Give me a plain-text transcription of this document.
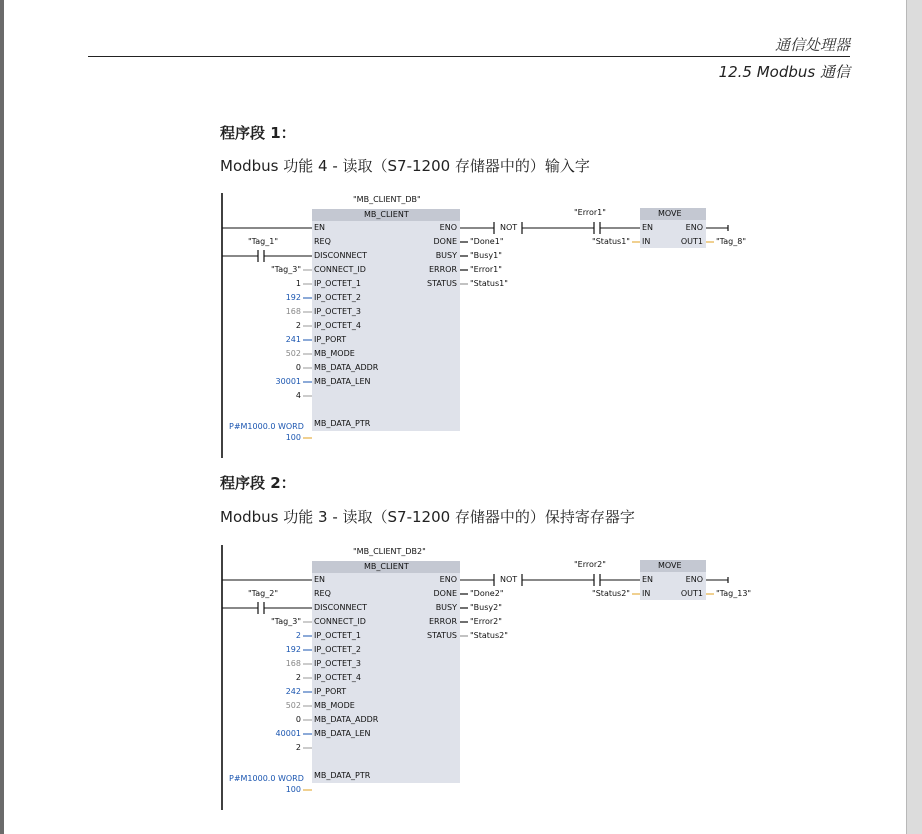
通信处理器
12.5 Modbus 通信
程序段 1：
Modbus 功能 4 - 读取（S7-1200 存储器中的）输入字
"MB_CLIENT_DB"
MB_CLIENT
EN
REQ
DISCONNECT
CONNECT_ID
IP_OCTET_1
IP_OCTET_2
IP_OCTET_3
IP_OCTET_4
IP_PORT
MB_MODE
MB_DATA_ADDR
MB_DATA_LEN
MB_DATA_PTR
ENO
DONE
BUSY
ERROR
STATUS
"Tag_1"
"Tag_3"
1
192
168
2
241
502
0
30001
4
P#M1000.0 WORD
100
NOT
"Error1"
"Done1"
"Busy1"
"Error1"
"Status1"
MOVE
EN	ENO
IN	OUT1
"Status1"	"Tag_8"
程序段 2：
Modbus 功能 3 - 读取（S7-1200 存储器中的）保持寄存器字
"MB_CLIENT_DB2"
MB_CLIENT
EN
REQ
DISCONNECT
CONNECT_ID
IP_OCTET_1
IP_OCTET_2
IP_OCTET_3
IP_OCTET_4
IP_PORT
MB_MODE
MB_DATA_ADDR
MB_DATA_LEN
MB_DATA_PTR
ENO
DONE
BUSY
ERROR
STATUS
"Tag_2"
"Tag_3"
2
192
168
2
242
502
0
40001
2
P#M1000.0 WORD
100
NOT
"Error2"
"Done2"
"Busy2"
"Error2"
"Status2"
MOVE
EN	ENO
IN	OUT1
"Status2"	"Tag_13"
